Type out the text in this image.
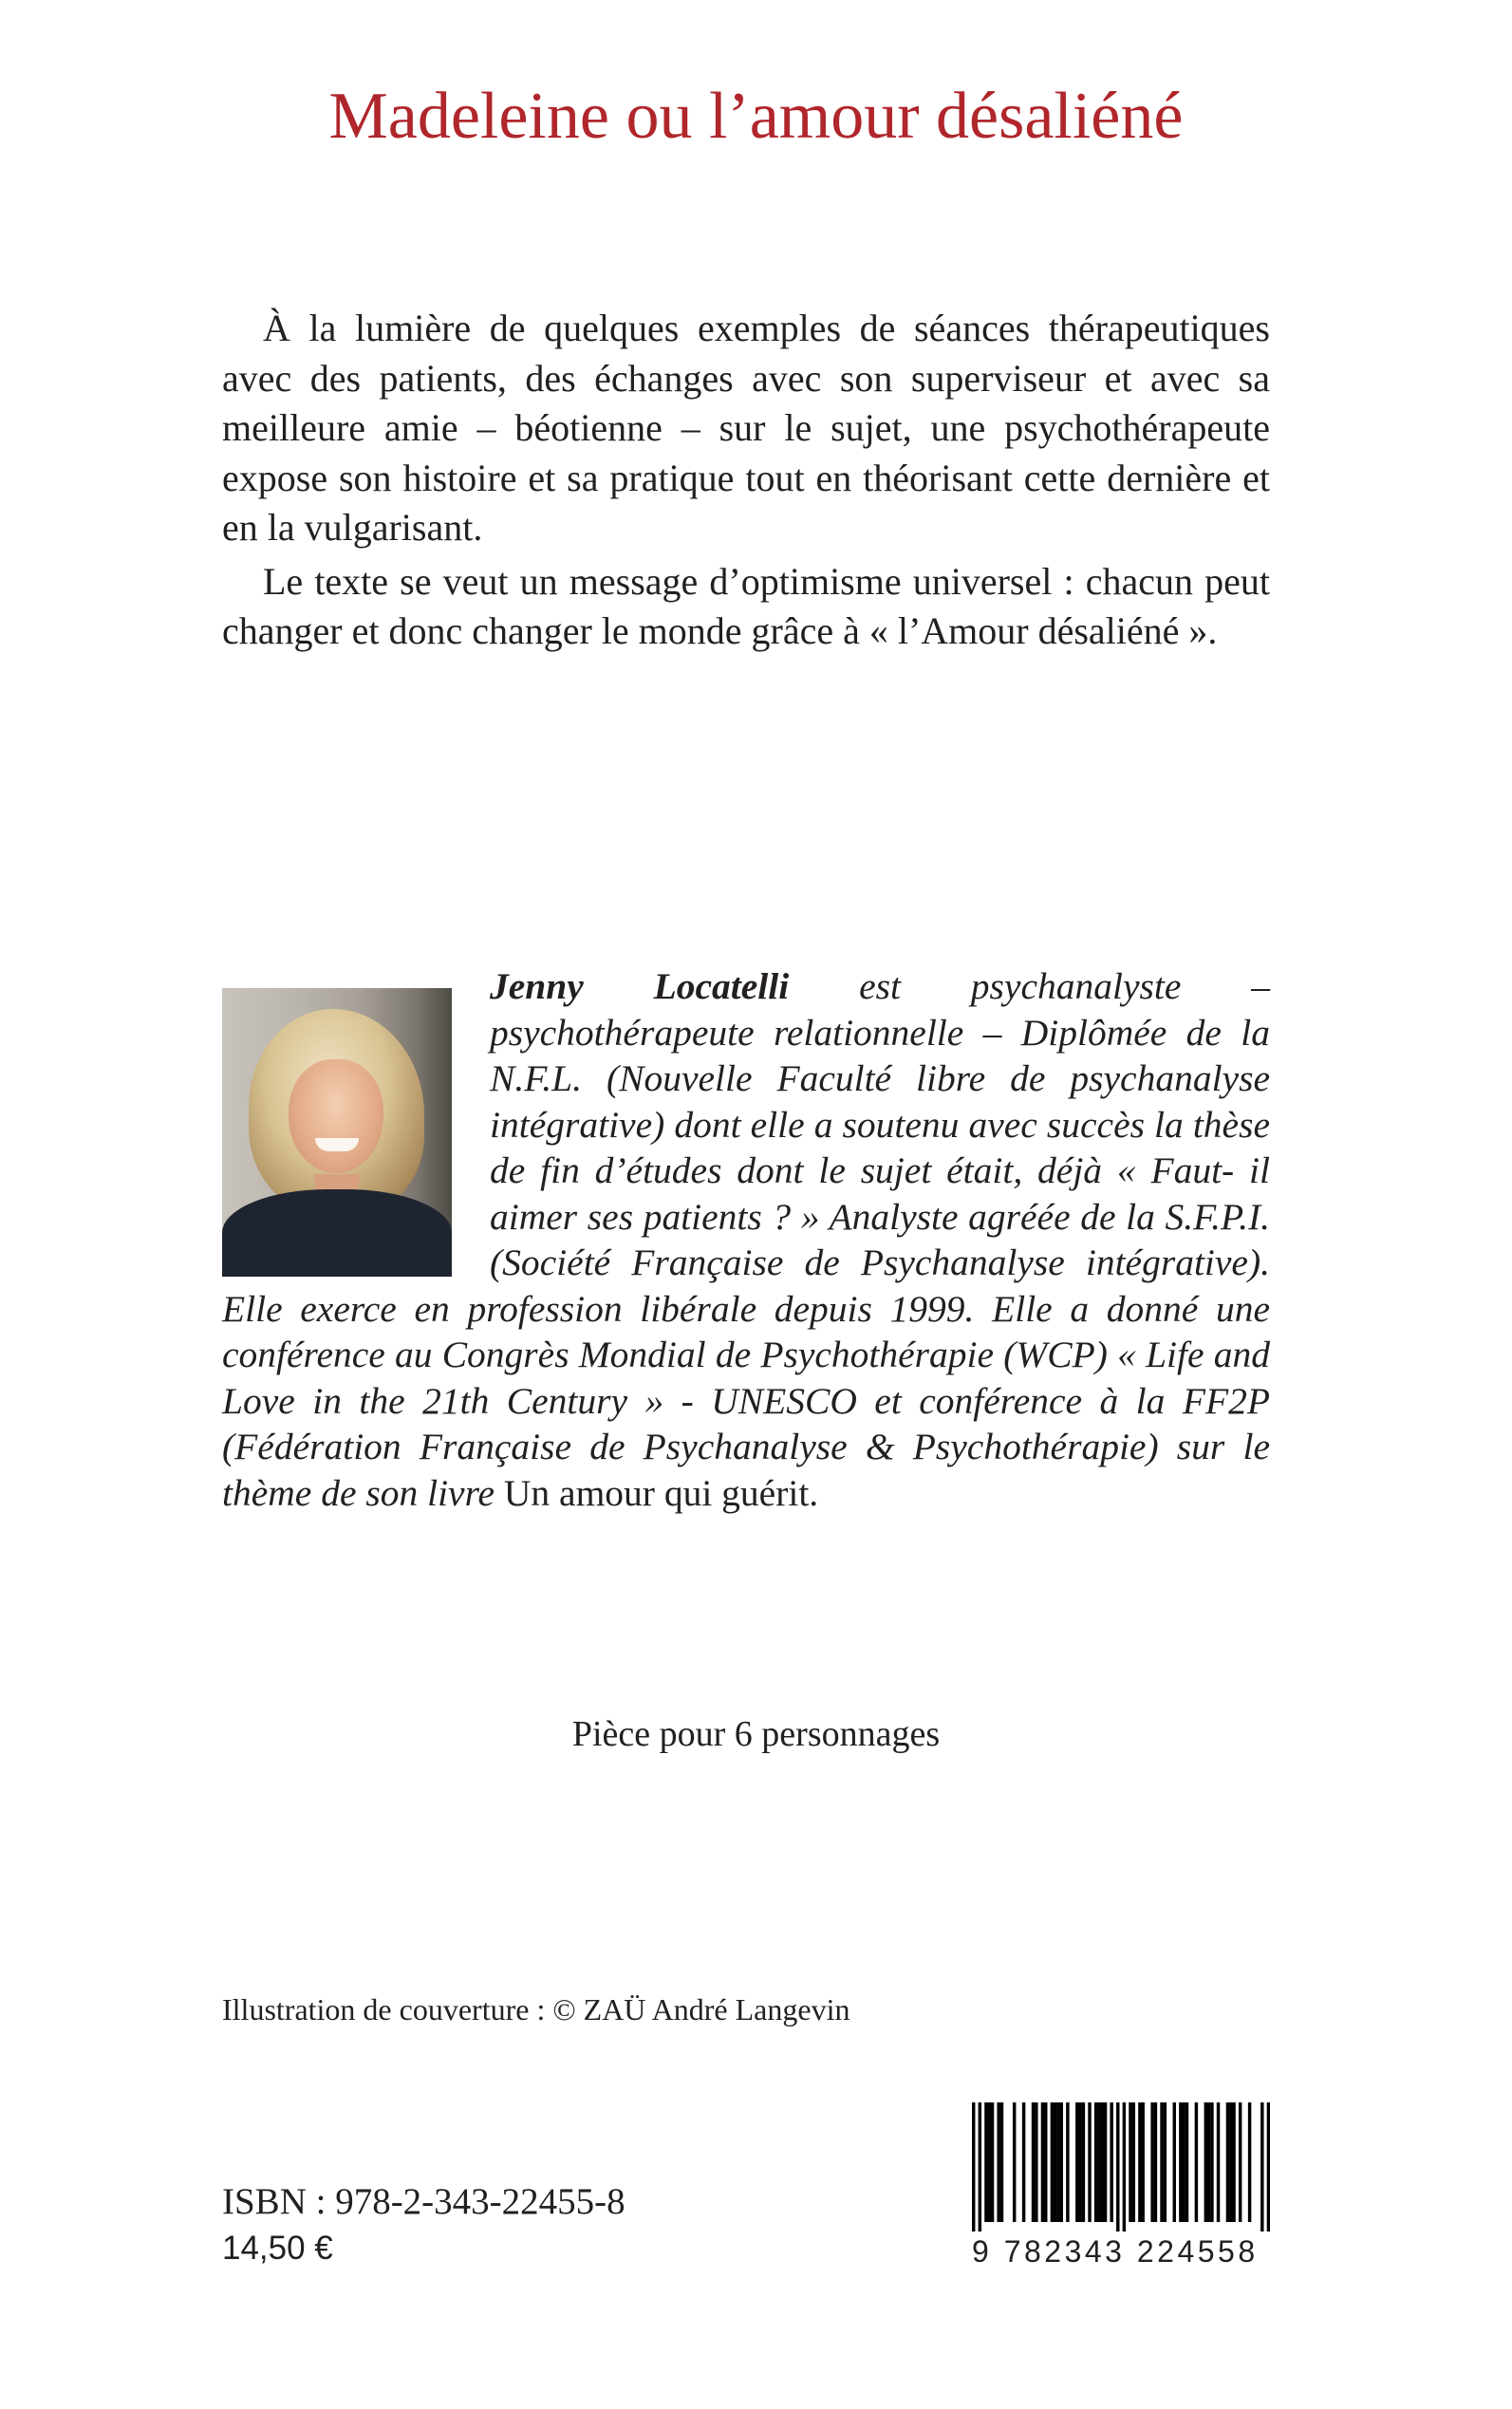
Madeleine ou l’amour désaliéné

À la lumière de quelques exemples de séances thérapeutiques avec des patients, des échanges avec son superviseur et avec sa meilleure amie – béotienne – sur le sujet, une psychothérapeute expose son histoire et sa pratique tout en théorisant cette dernière et en la vulgarisant.

Le texte se veut un message d’optimisme universel : chacun peut changer et donc changer le monde grâce à « l’Amour désaliéné ».

Jenny Locatelli est psychanalyste – psychothérapeute relationnelle – Diplômée de la N.F.L. (Nouvelle Faculté libre de psychanalyse intégrative) dont elle a soutenu avec succès la thèse de fin d’études dont le sujet était, déjà « Faut- il aimer ses patients ? » Analyste agréée de la S.F.P.I. (Société Française de Psychanalyse intégrative). Elle exerce en profession libérale depuis 1999. Elle a donné une conférence au Congrès Mondial de Psychothérapie (WCP) « Life and Love in the 21th Century » - UNESCO et conférence à la FF2P (Fédération Française de Psychanalyse & Psychothérapie) sur le thème de son livre Un amour qui guérit.
Pièce pour 6 personnages
Illustration de couverture : © ZAÜ André Langevin
ISBN : 978-2-343-22455-8
14,50 €	9 782343 224558
